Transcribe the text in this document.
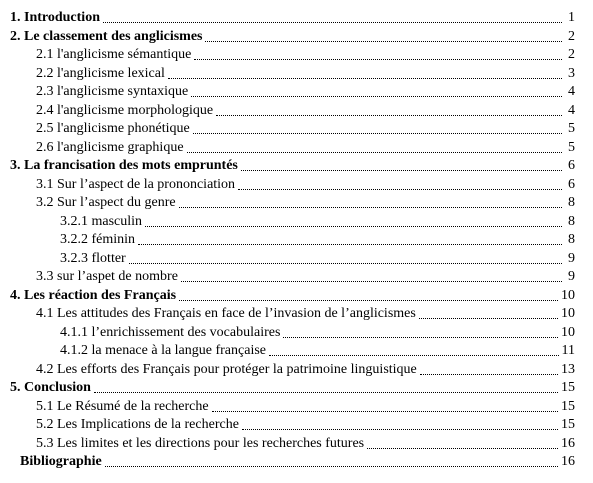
1. Introduction	1
2. Le classement des anglicismes	2
2.1 l'anglicisme sémantique	2
2.2 l'anglicisme lexical	3
2.3 l'anglicisme syntaxique	4
2.4 l'anglicisme morphologique	4
2.5 l'anglicisme phonétique	5
2.6 l'anglicisme graphique	5
3. La francisation des mots empruntés	6
3.1 Sur l’aspect de la prononciation	6
3.2 Sur l’aspect du genre	8
3.2.1 masculin	8
3.2.2 féminin	8
3.2.3 flotter	9
3.3 sur l’aspet de nombre	9
4. Les réaction des Français	10
4.1 Les attitudes des Français en face de l’invasion de l’anglicismes	10
4.1.1 l’enrichissement des vocabulaires	10
4.1.2 la menace à la langue française	11
4.2 Les efforts des Français pour protéger la patrimoine linguistique	13
5. Conclusion	15
5.1 Le Résumé de la recherche	15
5.2 Les Implications de la recherche	15
5.3 Les limites et les directions pour les recherches futures	16
Bibliographie	16
